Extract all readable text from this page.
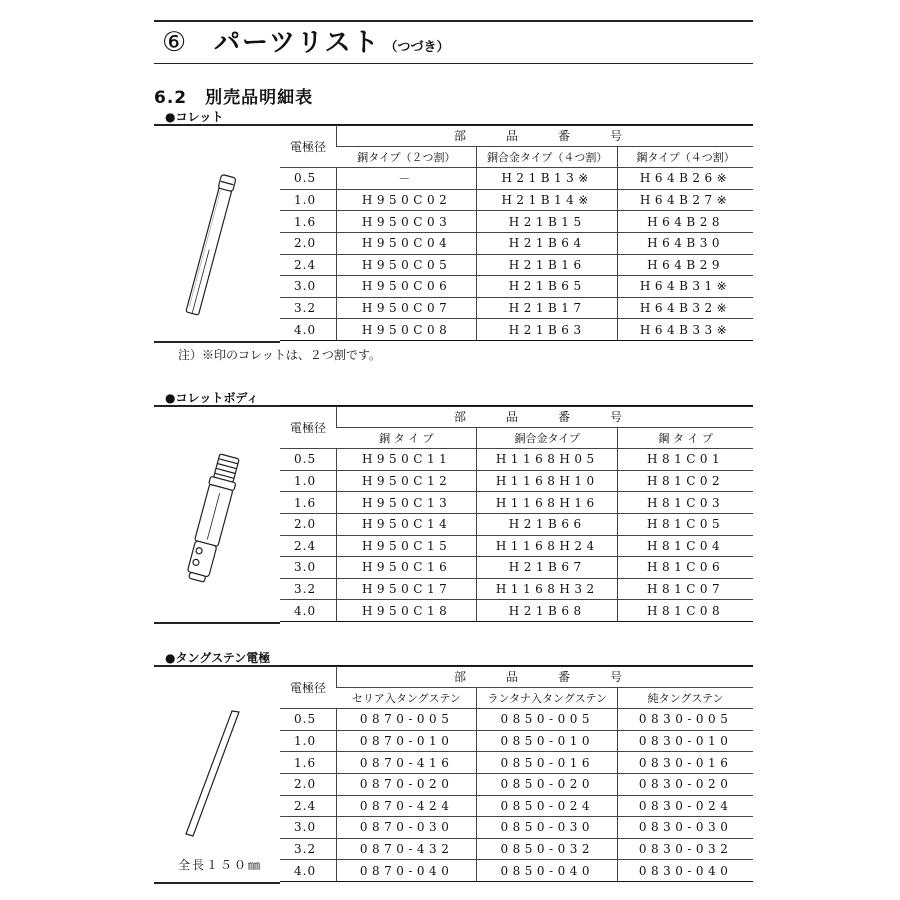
⑥	パーツリスト （つづき）
6.2　別売品明細表
●コレット
電極径	部　品　番　号		
	銅タイプ（２つ割）	銅合金タイプ（４つ割）	鋼タイプ（４つ割）
0.5	－	H21B13※	H64B26※
1.0	H950C02	H21B14※	H64B27※
1.6	H950C03	H21B15	H64B28
2.0	H950C04	H21B64	H64B30
2.4	H950C05	H21B16	H64B29
3.0	H950C06	H21B65	H64B31※
3.2	H950C07	H21B17	H64B32※
4.0	H950C08	H21B63	H64B33※
注）※印のコレットは、２つ割です。
●コレットボディ
電極径	部　品　番　号		
	銅 タ イ プ	銅合金タイプ	鋼 タ イ プ
0.5	H950C11	H1168H05	H81C01
1.0	H950C12	H1168H10	H81C02
1.6	H950C13	H1168H16	H81C03
2.0	H950C14	H21B66	H81C05
2.4	H950C15	H1168H24	H81C04
3.0	H950C16	H21B67	H81C06
3.2	H950C17	H1168H32	H81C07
4.0	H950C18	H21B68	H81C08
●タングステン電極
全長１５０㎜
電極径	部　品　番　号		
	セリア入タングステン	ランタナ入タングステン	純タングステン
0.5	0870-005	0850-005	0830-005
1.0	0870-010	0850-010	0830-010
1.6	0870-416	0850-016	0830-016
2.0	0870-020	0850-020	0830-020
2.4	0870-424	0850-024	0830-024
3.0	0870-030	0850-030	0830-030
3.2	0870-432	0850-032	0830-032
4.0	0870-040	0850-040	0830-040
